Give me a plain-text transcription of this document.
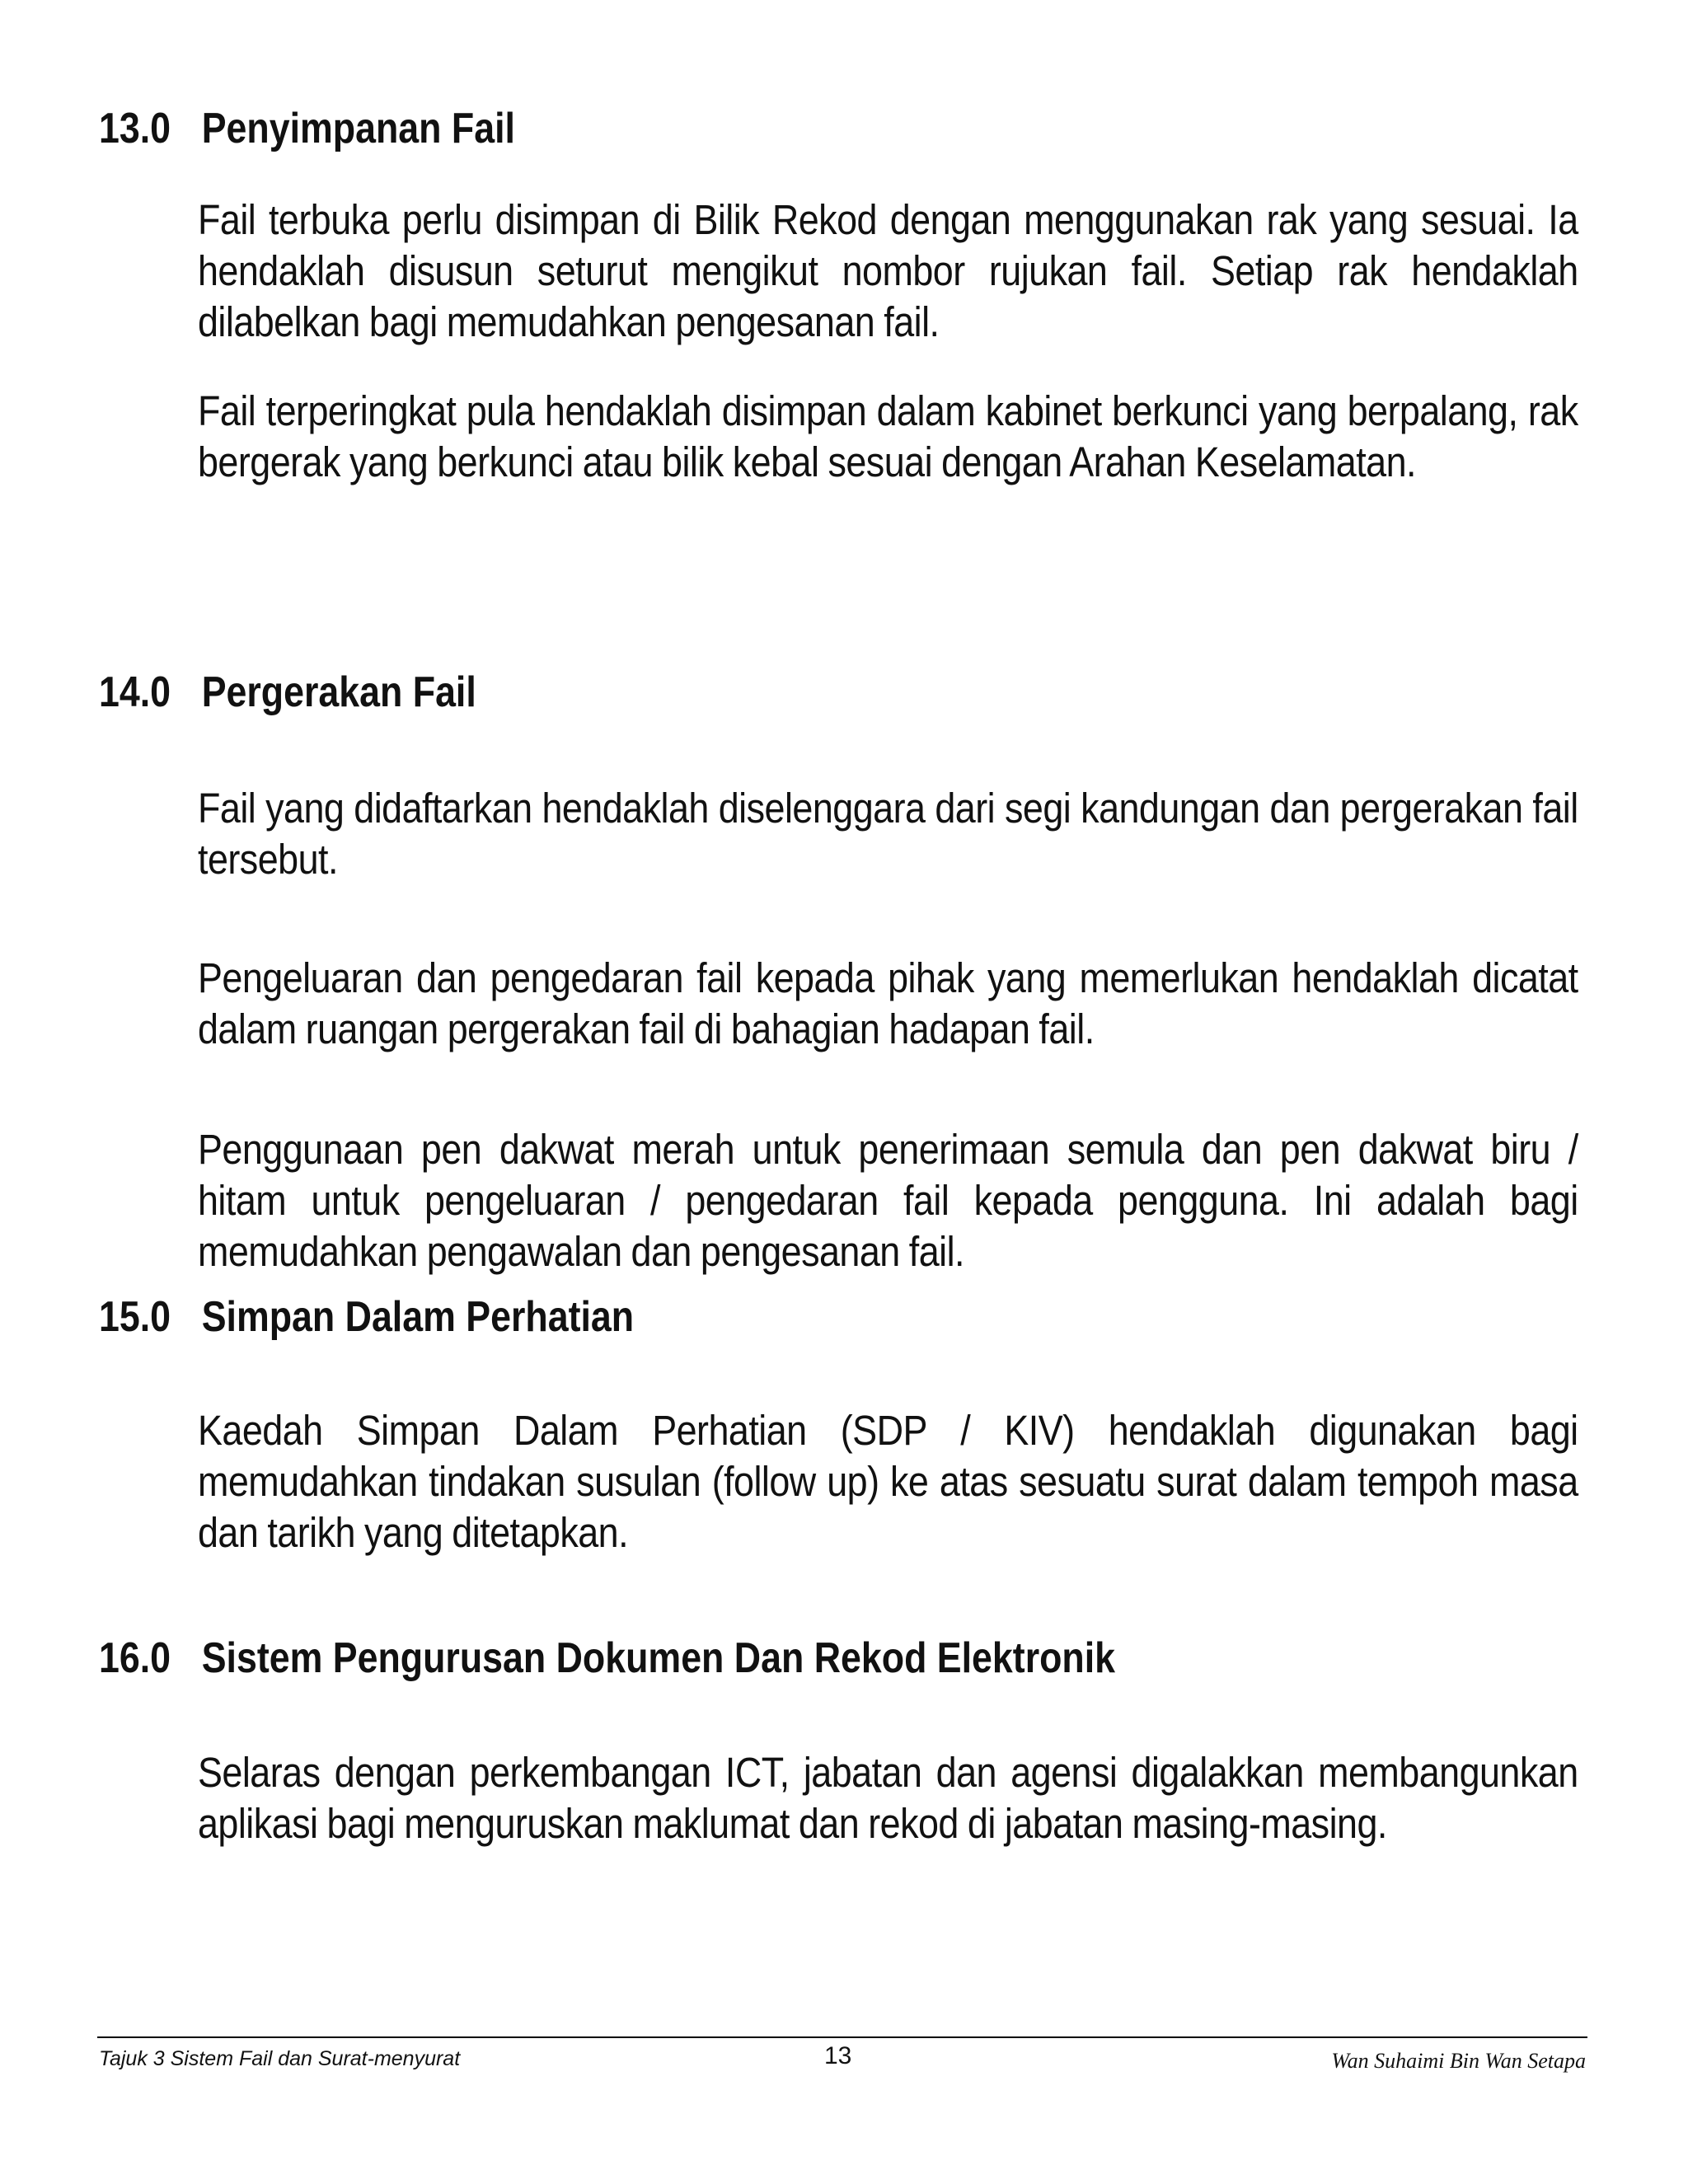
13.0 Penyimpanan Fail
Fail terbuka perlu disimpan di Bilik Rekod dengan menggunakan rak yang sesuai. Ia hendaklah disusun seturut mengikut nombor rujukan fail. Setiap rak hendaklah dilabelkan bagi memudahkan pengesanan fail.
Fail terperingkat pula hendaklah disimpan dalam kabinet berkunci yang berpalang, rak bergerak yang berkunci atau bilik kebal sesuai dengan Arahan Keselamatan.
14.0 Pergerakan Fail
Fail yang didaftarkan hendaklah diselenggara dari segi kandungan dan pergerakan fail tersebut.
Pengeluaran dan pengedaran fail kepada pihak yang memerlukan hendaklah dicatat dalam ruangan pergerakan fail di bahagian hadapan fail.
Penggunaan pen dakwat merah untuk penerimaan semula dan pen dakwat biru / hitam untuk pengeluaran / pengedaran fail kepada pengguna. Ini adalah bagi memudahkan pengawalan dan pengesanan fail.
15.0 Simpan Dalam Perhatian
Kaedah Simpan Dalam Perhatian (SDP / KIV) hendaklah digunakan bagi memudahkan tindakan susulan (follow up) ke atas sesuatu surat dalam tempoh masa dan tarikh yang ditetapkan.
16.0 Sistem Pengurusan Dokumen Dan Rekod Elektronik
Selaras dengan perkembangan ICT, jabatan dan agensi digalakkan membangunkan aplikasi bagi menguruskan maklumat dan rekod di jabatan masing-masing.
Tajuk 3 Sistem Fail dan Surat-menyurat	13	Wan Suhaimi Bin Wan Setapa
